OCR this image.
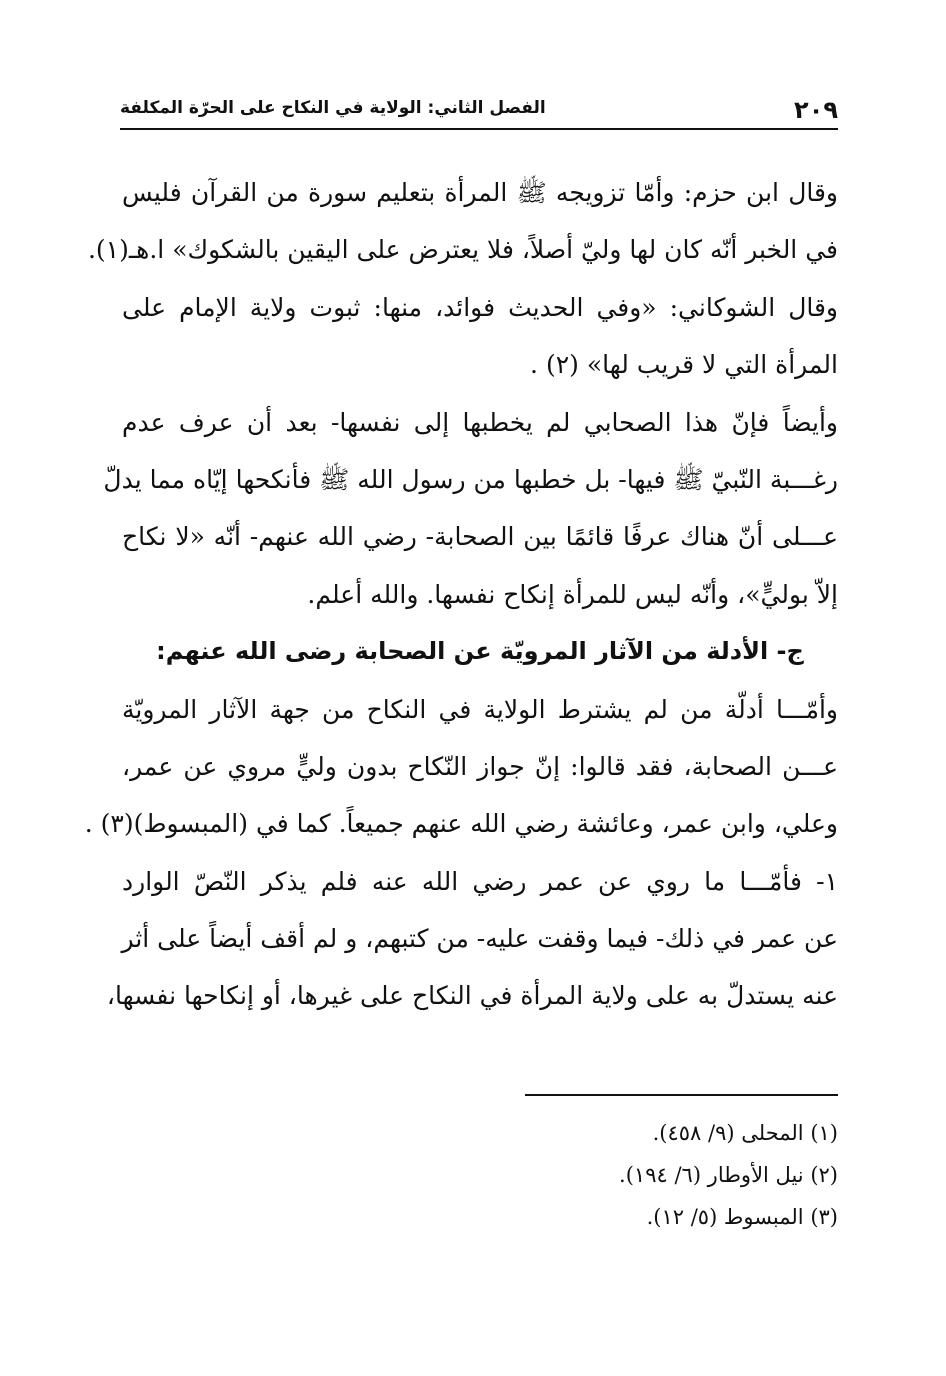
٢٠٩
الفصل الثاني: الولاية في النكاح على الحرّة المكلفة
وقال ابن حزم: وأمّا تزويجه ﷺ المرأة بتعليم سورة من القرآن فليس
في الخبر أنّه كان لها وليّ أصلاً، فلا يعترض على اليقين بالشكوك» ا.هـ(١).
وقال الشوكاني: «وفي الحديث فوائد، منها: ثبوت ولاية الإمام على
المرأة التي لا قريب لها» (٢) .
وأيضاً فإنّ هذا الصحابي لم يخطبها إلى نفسها- بعد أن عرف عدم
رغـــبة النّبيّ ﷺ فيها- بل خطبها من رسول الله ﷺ فأنكحها إيّاه مما يدلّ
عـــلى أنّ هناك عرفًا قائمًا بين الصحابة- رضي الله عنهم- أنّه «لا نكاح
إلاّ بوليٍّ»، وأنّه ليس للمرأة إنكاح نفسها. والله أعلم.
ج- الأدلة من الآثار المرويّة عن الصحابة رضى الله عنهم:
وأمّـــا أدلّة من لم يشترط الولاية في النكاح من جهة الآثار المرويّة
عـــن الصحابة، فقد قالوا: إنّ جواز النّكاح بدون وليٍّ مروي عن عمر،
وعلي، وابن عمر، وعائشة رضي الله عنهم جميعاً. كما في (المبسوط)(٣) .
١- فأمّـــا ما روي عن عمر رضي الله عنه فلم يذكر النّصّ الوارد
عن عمر في ذلك- فيما وقفت عليه- من كتبهم، و لم أقف أيضاً على أثر
عنه يستدلّ به على ولاية المرأة في النكاح على غيرها، أو إنكاحها نفسها،
(١) المحلى (٩/ ٤٥٨).
(٢) نيل الأوطار (٦/ ١٩٤).
(٣) المبسوط (٥/ ١٢).
